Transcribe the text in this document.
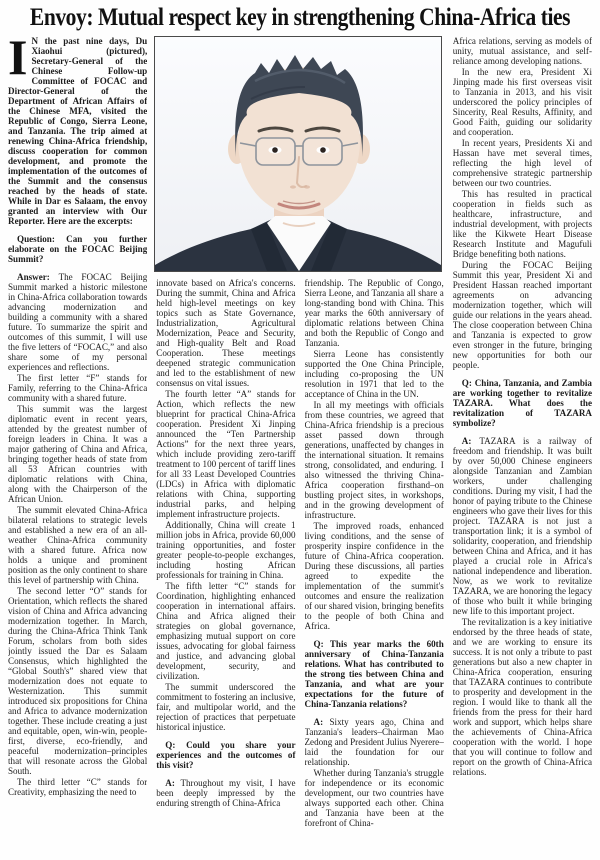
Envoy: Mutual respect key in strengthening China-Africa ties

I N the past nine days, Du Xiaohui (pictured), Secretary-General of the Chinese Follow-up Committee of FOCAC and Director-General of the Department of African Affairs of the Chinese MFA, visited the Republic of Congo, Sierra Leone, and Tanzania. The trip aimed at renewing China-Africa friendship, discuss cooperation for common development, and promote the implementation of the outcomes of the Summit and the consensus reached by the heads of state. While in Dar es Salaam, the envoy granted an interview with Our Reporter. Here are the excerpts:

Question: Can you further elaborate on the FOCAC Beijing Summit?

Answer: The FOCAC Beijing Summit marked a historic milestone in China-Africa collaboration towards advancing modernization and building a community with a shared future. To summarize the spirit and outcomes of this summit, I will use the five letters of “FOCAC,” and also share some of my personal experiences and reflections.

The first letter “F” stands for Family, referring to the China-Africa community with a shared future.

This summit was the largest diplomatic event in recent years, attended by the greatest number of foreign leaders in China. It was a major gathering of China and Africa, bringing together heads of state from all 53 African countries with diplomatic relations with China, along with the Chairperson of the African Union.

The summit elevated China-Africa bilateral relations to strategic levels and established a new era of an all-weather China-Africa community with a shared future. Africa now holds a unique and prominent position as the only continent to share this level of partnership with China.

The second letter “O” stands for Orientation, which reflects the shared vision of China and Africa advancing modernization together. In March, during the China-Africa Think Tank Forum, scholars from both sides jointly issued the Dar es Salaam Consensus, which highlighted the “Global South's” shared view that modernization does not equate to Westernization. This summit introduced six propositions for China and Africa to advance modernization together. These include creating a just and equitable, open, win-win, people-first, diverse, eco-friendly, and peaceful modernization–principles that will resonate across the Global South.

The third letter “C” stands for Creativity, emphasizing the need to

innovate based on Africa's concerns. During the summit, China and Africa held high-level meetings on key topics such as State Governance, Industrialization, Agricultural Modernization, Peace and Security, and High-quality Belt and Road Cooperation. These meetings deepened strategic communication and led to the establishment of new consensus on vital issues.

The fourth letter “A” stands for Action, which reflects the new blueprint for practical China-Africa cooperation. President Xi Jinping announced the “Ten Partnership Actions” for the next three years, which include providing zero-tariff treatment to 100 percent of tariff lines for all 33 Least Developed Countries (LDCs) in Africa with diplomatic relations with China, supporting industrial parks, and helping implement infrastructure projects.

Additionally, China will create 1 million jobs in Africa, provide 60,000 training opportunities, and foster greater people-to-people exchanges, including hosting African professionals for training in China.

The fifth letter “C” stands for Coordination, highlighting enhanced cooperation in international affairs. China and Africa aligned their strategies on global governance, emphasizing mutual support on core issues, advocating for global fairness and justice, and advancing global development, security, and civilization.

The summit underscored the commitment to fostering an inclusive, fair, and multipolar world, and the rejection of practices that perpetuate historical injustice.

Q: Could you share your experiences and the outcomes of this visit?

A: Throughout my visit, I have been deeply impressed by the enduring strength of China-Africa

friendship. The Republic of Congo, Sierra Leone, and Tanzania all share a long-standing bond with China. This year marks the 60th anniversary of diplomatic relations between China and both the Republic of Congo and Tanzania.

Sierra Leone has consistently supported the One China Principle, including co-proposing the UN resolution in 1971 that led to the acceptance of China in the UN.

In all my meetings with officials from these countries, we agreed that China-Africa friendship is a precious asset passed down through generations, unaffected by changes in the international situation. It remains strong, consolidated, and enduring. I also witnessed the thriving China-Africa cooperation firsthand–on bustling project sites, in workshops, and in the growing development of infrastructure.

The improved roads, enhanced living conditions, and the sense of prosperity inspire confidence in the future of China-Africa cooperation. During these discussions, all parties agreed to expedite the implementation of the summit's outcomes and ensure the realization of our shared vision, bringing benefits to the people of both China and Africa.

Q: This year marks the 60th anniversary of China-Tanzania relations. What has contributed to the strong ties between China and Tanzania, and what are your expectations for the future of China-Tanzania relations?

A: Sixty years ago, China and Tanzania's leaders–Chairman Mao Zedong and President Julius Nyerere–laid the foundation for our relationship.

Whether during Tanzania's struggle for independence or its economic development, our two countries have always supported each other. China and Tanzania have been at the forefront of China-

Africa relations, serving as models of unity, mutual assistance, and self-reliance among developing nations.

In the new era, President Xi Jinping made his first overseas visit to Tanzania in 2013, and his visit underscored the policy principles of Sincerity, Real Results, Affinity, and Good Faith, guiding our solidarity and cooperation.

In recent years, Presidents Xi and Hassan have met several times, reflecting the high level of comprehensive strategic partnership between our two countries.

This has resulted in practical cooperation in fields such as healthcare, infrastructure, and industrial development, with projects like the Kikwete Heart Disease Research Institute and Magufuli Bridge benefiting both nations.

During the FOCAC Beijing Summit this year, President Xi and President Hassan reached important agreements on advancing modernization together, which will guide our relations in the years ahead. The close cooperation between China and Tanzania is expected to grow even stronger in the future, bringing new opportunities for both our people.

Q: China, Tanzania, and Zambia are working together to revitalize TAZARA. What does the revitalization of TAZARA symbolize?

A: TAZARA is a railway of freedom and friendship. It was built by over 50,000 Chinese engineers alongside Tanzanian and Zambian workers, under challenging conditions. During my visit, I had the honor of paying tribute to the Chinese engineers who gave their lives for this project. TAZARA is not just a transportation link; it is a symbol of solidarity, cooperation, and friendship between China and Africa, and it has played a crucial role in Africa's national independence and liberation. Now, as we work to revitalize TAZARA, we are honoring the legacy of those who built it while bringing new life to this important project.

The revitalization is a key initiative endorsed by the three heads of state, and we are working to ensure its success. It is not only a tribute to past generations but also a new chapter in China-Africa cooperation, ensuring that TAZARA continues to contribute to prosperity and development in the region. I would like to thank all the friends from the press for their hard work and support, which helps share the achievements of China-Africa cooperation with the world. I hope that you will continue to follow and report on the growth of China-Africa relations.
